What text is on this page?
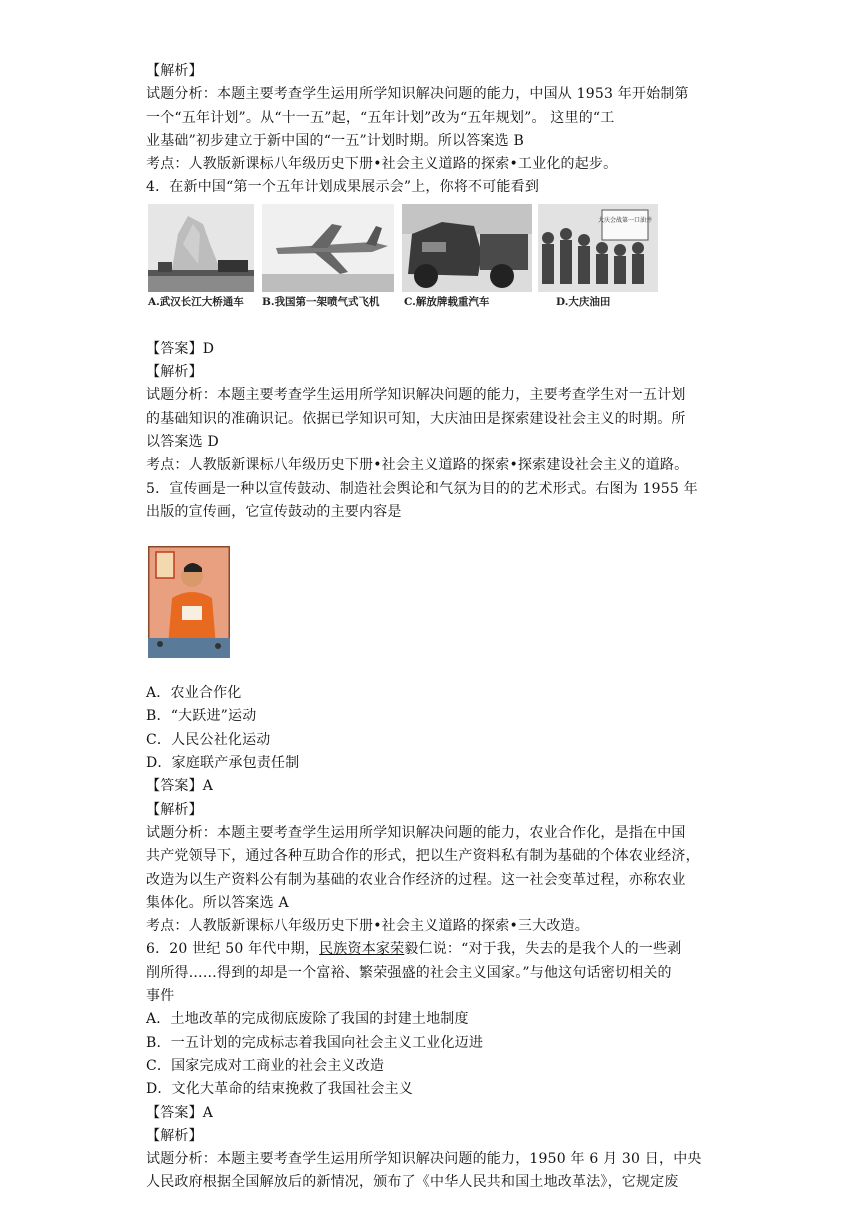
【解析】
试题分析：本题主要考查学生运用所学知识解决问题的能力，中国从 1953 年开始制第
一个“五年计划”。从“十一五”起，“五年计划”改为“五年规划”。 这里的“工
业基础”初步建立于新中国的“一五”计划时期。所以答案选 B
考点：人教版新课标八年级历史下册•社会主义道路的探索•工业化的起步。
4．在新中国“第一个五年计划成果展示会”上，你将不可能看到
大庆会战第一口油井
A.武汉长江大桥通车 B.我国第一架喷气式飞机 C.解放牌载重汽车	D.大庆油田
【答案】D
【解析】
试题分析：本题主要考查学生运用所学知识解决问题的能力，主要考查学生对一五计划
的基础知识的准确识记。依据已学知识可知，大庆油田是探索建设社会主义的时期。所
以答案选 D
考点：人教版新课标八年级历史下册•社会主义道路的探索•探索建设社会主义的道路。
5．宣传画是一种以宣传鼓动、制造社会舆论和气氛为目的的艺术形式。右图为 1955 年
出版的宣传画，它宣传鼓动的主要内容是
A．农业合作化
B．“大跃进”运动
C．人民公社化运动
D．家庭联产承包责任制
【答案】A
【解析】
试题分析：本题主要考查学生运用所学知识解决问题的能力，农业合作化，是指在中国
共产党领导下，通过各种互助合作的形式，把以生产资料私有制为基础的个体农业经济，
改造为以生产资料公有制为基础的农业合作经济的过程。这一社会变革过程，亦称农业
集体化。所以答案选 A
考点：人教版新课标八年级历史下册•社会主义道路的探索•三大改造。
6．20 世纪 50 年代中期，民族资本家荣毅仁说：“对于我，失去的是我个人的一些剥
削所得……得到的却是一个富裕、繁荣强盛的社会主义国家。”与他这句话密切相关的
事件
A．土地改革的完成彻底废除了我国的封建土地制度
B．一五计划的完成标志着我国向社会主义工业化迈进
C．国家完成对工商业的社会主义改造
D．文化大革命的结束挽救了我国社会主义
【答案】A
【解析】
试题分析：本题主要考查学生运用所学知识解决问题的能力，1950 年 6 月 30 日，中央
人民政府根据全国解放后的新情况，颁布了《中华人民共和国土地改革法》，它规定废
